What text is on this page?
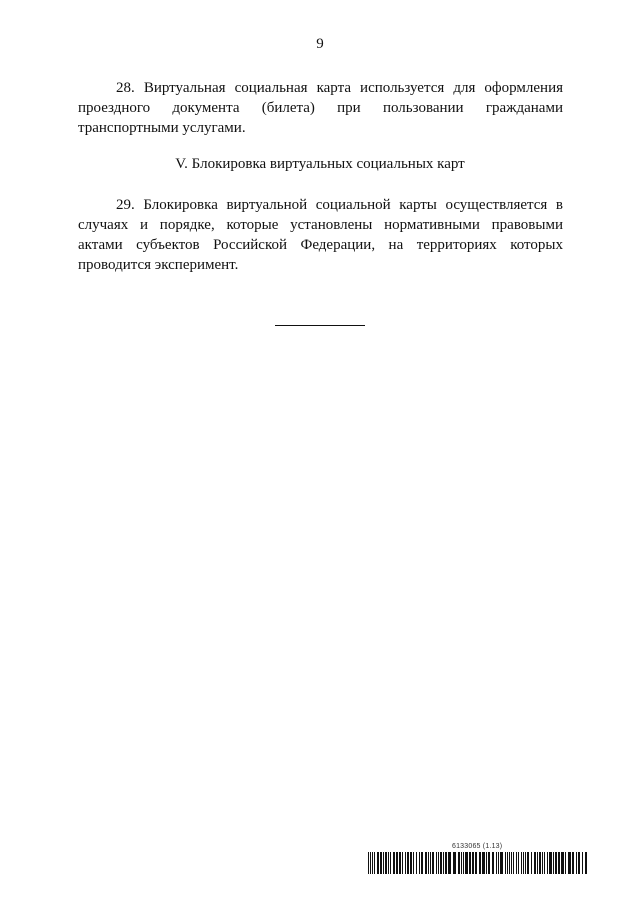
9

28. Виртуальная социальная карта используется для оформления проездного документа (билета) при пользовании гражданами транспортными услугами.

V. Блокировка виртуальных социальных карт

29. Блокировка виртуальной социальной карты осуществляется в случаях и порядке, которые установлены нормативными правовыми актами субъектов Российской Федерации, на территориях которых проводится эксперимент.

6133065 (1.13)
